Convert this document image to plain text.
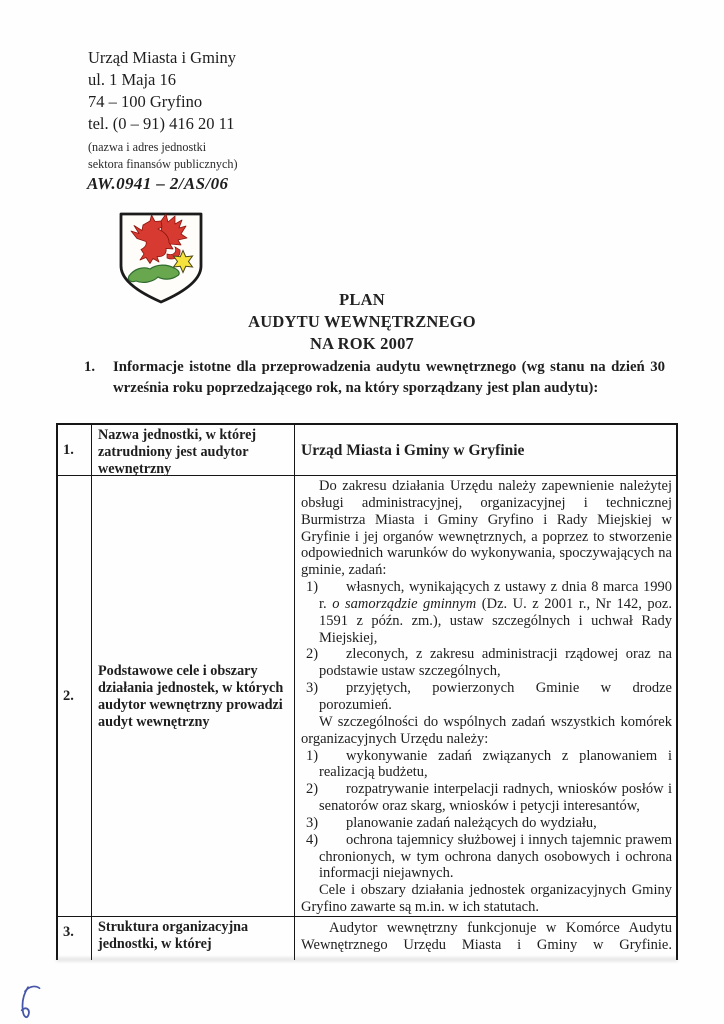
Urząd Miasta i Gminy
ul. 1 Maja 16
74 – 100 Gryfino
tel. (0 – 91) 416 20 11
(nazwa i adres jednostki
sektora finansów publicznych)
AW.0941 – 2/AS/06
PLAN
AUDYTU WEWNĘTRZNEGO
NA ROK 2007
1. Informacje istotne dla przeprowadzenia audytu wewnętrznego (wg stanu na dzień 30 września roku poprzedzającego rok, na który sporządzany jest plan audytu):
1.
Nazwa jednostki, w której
zatrudniony jest audytor
wewnętrzny
Urząd Miasta i Gminy w Gryfinie
2.
Podstawowe cele i obszary
działania jednostek, w których
audytor wewnętrzny prowadzi
audyt wewnętrzny
Do zakresu działania Urzędu należy zapewnienie należytej obsługi administracyjnej, organizacyjnej i technicznej Burmistrza Miasta i Gminy Gryfino i Rady Miejskiej w Gryfinie i jej organów wewnętrznych, a poprzez to stworzenie odpowiednich warunków do wykonywania, spoczywających na gminie, zadań:
1) własnych, wynikających z ustawy z dnia 8 marca 1990 r. o samorządzie gminnym (Dz. U. z 2001 r., Nr 142, poz. 1591 z późn. zm.), ustaw szczególnych i uchwał Rady Miejskiej,
2) zleconych, z zakresu administracji rządowej oraz na podstawie ustaw szczególnych,
3) przyjętych, powierzonych Gminie w drodze porozumień.
W szczególności do wspólnych zadań wszystkich komórek organizacyjnych Urzędu należy:
1) wykonywanie zadań związanych z planowaniem i realizacją budżetu,
2) rozpatrywanie interpelacji radnych, wniosków posłów i senatorów oraz skarg, wniosków i petycji interesantów,
3) planowanie zadań należących do wydziału,
4) ochrona tajemnicy służbowej i innych tajemnic prawem chronionych, w tym ochrona danych osobowych i ochrona informacji niejawnych.
Cele i obszary działania jednostek organizacyjnych Gminy Gryfino zawarte są m.in. w ich statutach.
3.	Struktura organizacyjna
jednostki, w której
Audytor wewnętrzny funkcjonuje w Komórce Audytu Wewnętrznego Urzędu Miasta i Gminy w Gryfinie.
